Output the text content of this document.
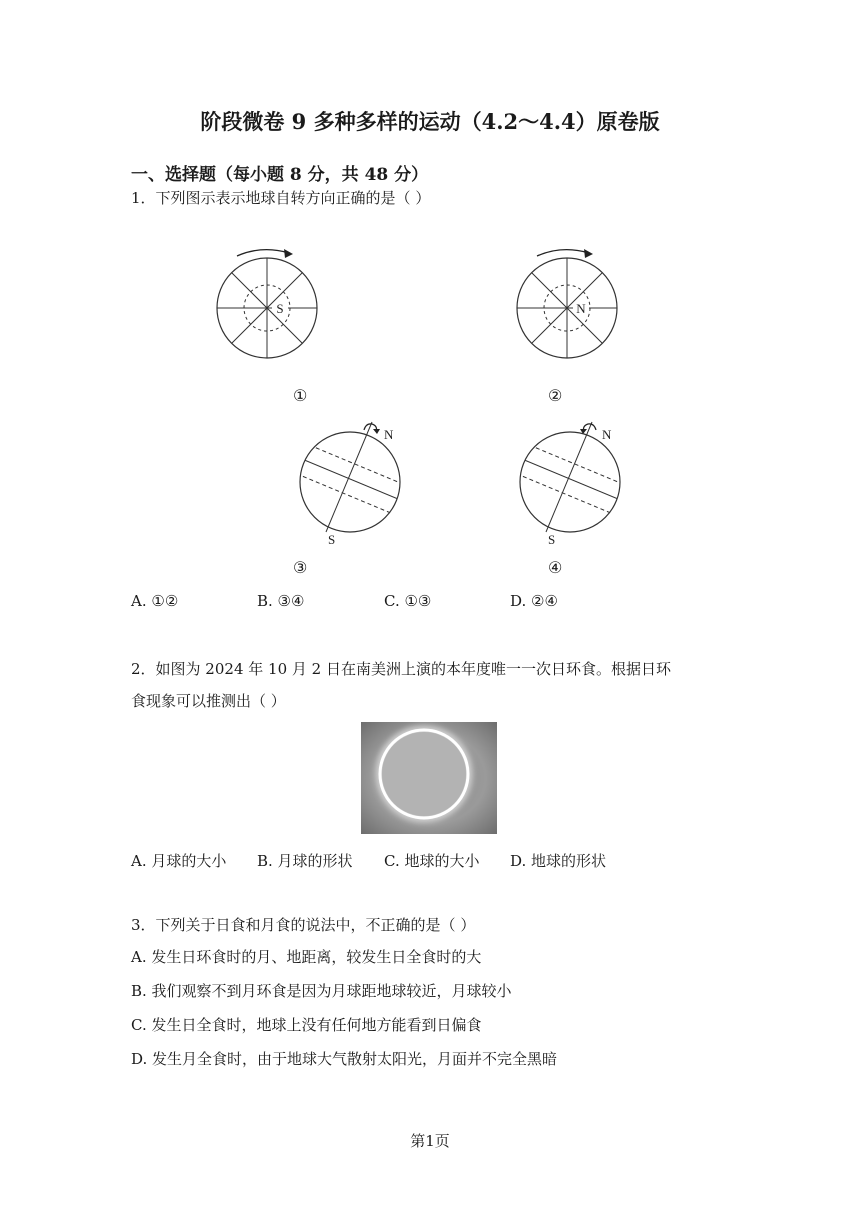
阶段微卷 9 多种多样的运动（4.2～4.4）原卷版
一、选择题（每小题 8 分，共 48 分）
1．下列图示表示地球自转方向正确的是（ ）
S
①
N
②
N
S
③
N
S
④
A. ①②	B. ③④	C. ①③	D. ②④
2．如图为 2024 年 10 月 2 日在南美洲上演的本年度唯一一次日环食。根据日环
食现象可以推测出（ ）
A. 月球的大小 B. 月球的形状 C. 地球的大小 D. 地球的形状
3．下列关于日食和月食的说法中，不正确的是（ ）
A. 发生日环食时的月、地距离，较发生日全食时的大
B. 我们观察不到月环食是因为月球距地球较近，月球较小
C. 发生日全食时，地球上没有任何地方能看到日偏食
D. 发生月全食时，由于地球大气散射太阳光，月面并不完全黑暗
第1页
